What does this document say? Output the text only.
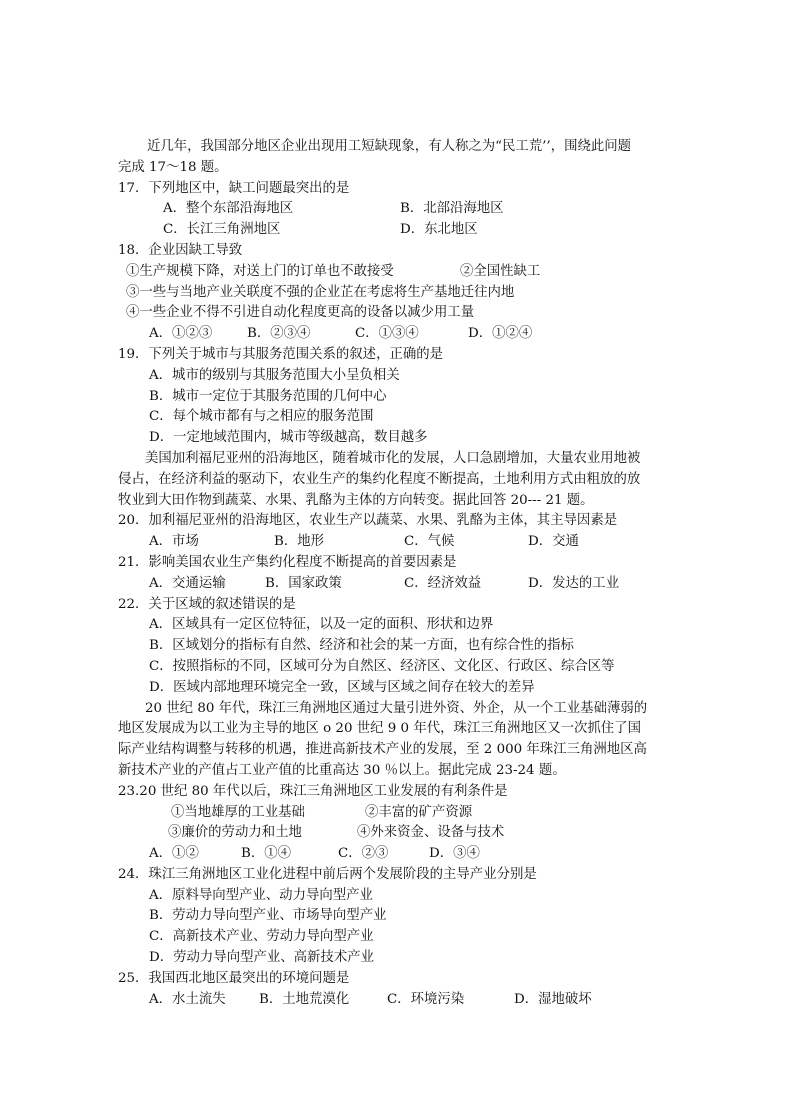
近几年，我国部分地区企业出现用工短缺现象，有人称之为“民工荒’’，围绕此问题
完成 17～18 题。
17．下列地区中，缺工问题最突出的是
A．整个东部沿海地区	B．北部沿海地区
C．长江三角洲地区	D．东北地区
18．企业因缺工导致
①生产规模下降，对送上门的订单也不敢接受	②全国性缺工
③一些与当地产业关联度不强的企业芷在考虑将生产基地迁往内地
④一些企业不得不引进自动化程度更高的设备以减少用工量
A．①②③	B．②③④	C．①③④	D．①②④
19．下列关于城市与其服务范围关系的叙述，正确的是
A．城市的级别与其服务范围大小呈负相关
B．城市一定位于其服务范围的几何中心
C．每个城市都有与之相应的服务范围
D．一定地域范围内，城市等级越高，数目越多
美国加利福尼亚州的沿海地区，随着城市化的发展，人口急剧增加，大量农业用地被
侵占，在经济利益的驱动下，农业生产的集约化程度不断提高，土地利用方式由粗放的放
牧业到大田作物到蔬菜、水果、乳酪为主体的方向转变。据此回答 20--- 21 题。
20．加利福尼亚州的沿海地区，农业生产以蔬菜、水果、乳酪为主体，其主导因素是
A．市场	B．地形	C．气候	D．交通
21．影响美国农业生产集约化程度不断提高的首要因素是
A．交通运输	B．国家政策	C．经济效益	D．发达的工业
22．关于区域的叙述错误的是
A．区域具有一定区位特征，以及一定的面积、形状和边界
B．区域划分的指标有自然、经济和社会的某一方面，也有综合性的指标
C．按照指标的不同，区域可分为自然区、经济区、文化区、行政区、综合区等
D．医域内部地理环境完全一致，区域与区域之间存在较大的差异
20 世纪 80 年代，珠江三角洲地区通过大量引进外资、外企，从一个工业基础薄弱的
地区发展成为以工业为主导的地区 o 20 世纪 9 0 年代，珠江三角洲地区又一次抓住了国
际产业结构调整与转移的机遇，推进高新技术产业的发展，至 2 000 年珠江三角洲地区高
新技术产业的产值占工业产值的比重高达 30 ％以上。据此完成 23-24 题。
23.20 世纪 80 年代以后，珠江三角洲地区工业发展的有利条件是
①当地雄厚的工业基础	②丰富的矿产资源
③廉价的劳动力和土地	④外来资金、设备与技术
A．①②	B．①④	C．②③	D．③④
24．珠江三角洲地区工业化进程中前后两个发展阶段的主导产业分别是
A．原料导向型产业、动力导向型产业
B．劳动力导向型产业、市场导向型产业
C．高新技术产业、劳动力导向型产业
D．劳动力导向型产业、高新技术产业
25．我国西北地区最突出的环境问题是
A．水土流失	B．土地荒漠化	C．环境污染	D．湿地破坏
